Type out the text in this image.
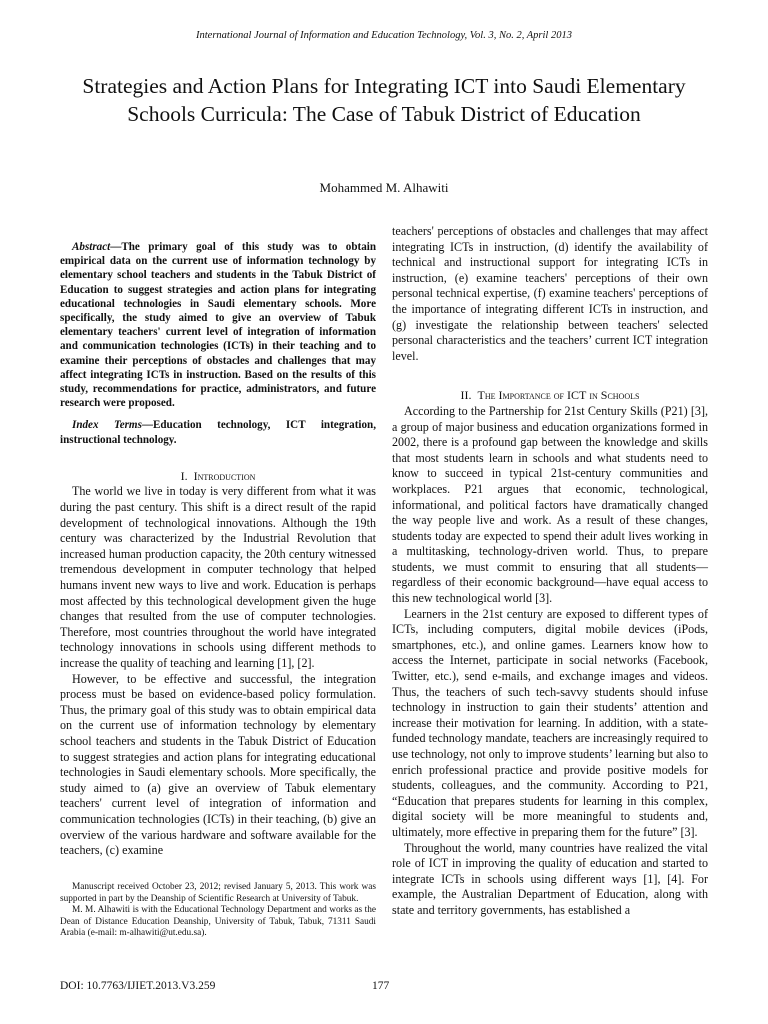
International Journal of Information and Education Technology, Vol. 3, No. 2, April 2013
Strategies and Action Plans for Integrating ICT into Saudi Elementary Schools Curricula: The Case of Tabuk District of Education
Mohammed M. Alhawiti

Abstract—The primary goal of this study was to obtain empirical data on the current use of information technology by elementary school teachers and students in the Tabuk District of Education to suggest strategies and action plans for integrating educational technologies in Saudi elementary schools. More specifically, the study aimed to give an overview of Tabuk elementary teachers' current level of integration of information and communication technologies (ICTs) in their teaching and to examine their perceptions of obstacles and challenges that may affect integrating ICTs in instruction. Based on the results of this study, recommendations for practice, administrators, and future research were proposed.

Index Terms—Education technology, ICT integration, instructional technology.

I. Introduction

The world we live in today is very different from what it was during the past century. This shift is a direct result of the rapid development of technological innovations. Although the 19th century was characterized by the Industrial Revolution that increased human production capacity, the 20th century witnessed tremendous development in computer technology that helped humans invent new ways to live and work. Education is perhaps most affected by this technological development given the huge changes that resulted from the use of computer technologies. Therefore, most countries throughout the world have integrated technology innovations in schools using different methods to increase the quality of teaching and learning [1], [2].

However, to be effective and successful, the integration process must be based on evidence-based policy formulation. Thus, the primary goal of this study was to obtain empirical data on the current use of information technology by elementary school teachers and students in the Tabuk District of Education to suggest strategies and action plans for integrating educational technologies in Saudi elementary schools. More specifically, the study aimed to (a) give an overview of Tabuk elementary teachers' current level of integration of information and communication technologies (ICTs) in their teaching, (b) give an overview of the various hardware and software available for the teachers, (c) examine

teachers' perceptions of obstacles and challenges that may affect integrating ICTs in instruction, (d) identify the availability of technical and instructional support for integrating ICTs in instruction, (e) examine teachers' perceptions of their own personal technical expertise, (f) examine teachers' perceptions of the importance of integrating different ICTs in instruction, and (g) investigate the relationship between teachers' selected personal characteristics and the teachers’ current ICT integration level.

II. The Importance of ICT in Schools

According to the Partnership for 21st Century Skills (P21) [3], a group of major business and education organizations formed in 2002, there is a profound gap between the knowledge and skills that most students learn in schools and what students need to know to succeed in typical 21st-century communities and workplaces. P21 argues that economic, technological, informational, and political factors have dramatically changed the way people live and work. As a result of these changes, students today are expected to spend their adult lives working in a multitasking, technology-driven world. Thus, to prepare students, we must commit to ensuring that all students—regardless of their economic background—have equal access to this new technological world [3].

Learners in the 21st century are exposed to different types of ICTs, including computers, digital mobile devices (iPods, smartphones, etc.), and online games. Learners know how to access the Internet, participate in social networks (Facebook, Twitter, etc.), send e-mails, and exchange images and videos. Thus, the teachers of such tech-savvy students should infuse technology in instruction to gain their students’ attention and increase their motivation for learning. In addition, with a state-funded technology mandate, teachers are increasingly required to use technology, not only to improve students’ learning but also to enrich professional practice and provide positive models for students, colleagues, and the community. According to P21, “Education that prepares students for learning in this complex, digital society will be more meaningful to students and, ultimately, more effective in preparing them for the future” [3].

Throughout the world, many countries have realized the vital role of ICT in improving the quality of education and started to integrate ICTs in schools using different ways [1], [4]. For example, the Australian Department of Education, along with state and territory governments, has established a

Manuscript received October 23, 2012; revised January 5, 2013. This work was supported in part by the Deanship of Scientific Research at University of Tabuk.

M. M. Alhawiti is with the Educational Technology Department and works as the Dean of Distance Education Deanship, University of Tabuk, Tabuk, 71311 Saudi Arabia (e-mail: m-alhawiti@ut.edu.sa).

DOI: 10.7763/IJIET.2013.V3.259	177
